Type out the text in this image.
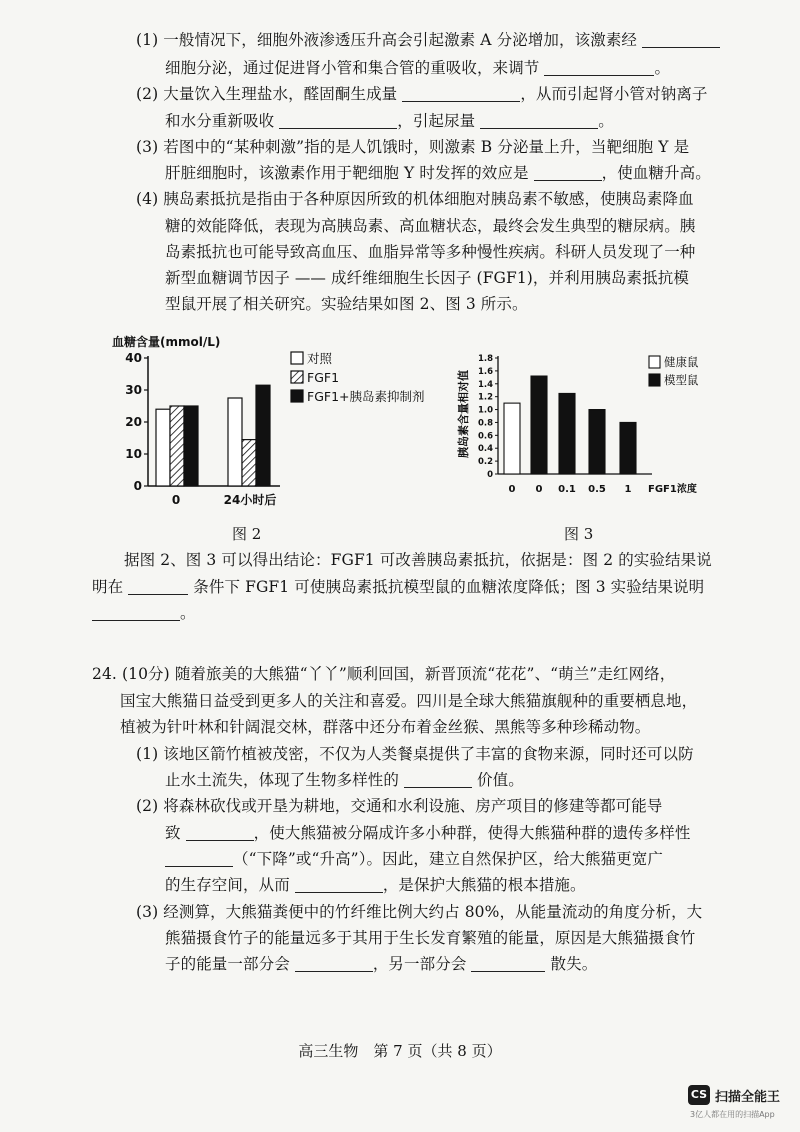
(1) 一般情况下，细胞外液渗透压升高会引起激素 A 分泌增加，该激素经
细胞分泌，通过促进肾小管和集合管的重吸收，来调节	。
(2) 大量饮入生理盐水，醛固酮生成量	，从而引起肾小管对钠离子
和水分重新吸收	，引起尿量	。
(3) 若图中的“某种刺激”指的是人饥饿时，则激素 B 分泌量上升，当靶细胞 Y 是
肝脏细胞时，该激素作用于靶细胞 Y 时发挥的效应是	，使血糖升高。
(4) 胰岛素抵抗是指由于各种原因所致的机体细胞对胰岛素不敏感，使胰岛素降血
糖的效能降低，表现为高胰岛素、高血糖状态，最终会发生典型的糖尿病。胰
岛素抵抗也可能导致高血压、血脂异常等多种慢性疾病。科研人员发现了一种
新型血糖调节因子 —— 成纤维细胞生长因子 (FGF1)，并利用胰岛素抵抗模
型鼠开展了相关研究。实验结果如图 2、图 3 所示。
据图 2、图 3 可以得出结论：FGF1 可改善胰岛素抵抗，依据是：图 2 的实验结果说
明在	条件下 FGF1 可使胰岛素抵抗模型鼠的血糖浓度降低；图 3 实验结果说明
。
24. (10分) 随着旅美的大熊猫“丫丫”顺利回国，新晋顶流“花花”、“萌兰”走红网络，
国宝大熊猫日益受到更多人的关注和喜爱。四川是全球大熊猫旗舰种的重要栖息地，
植被为针叶林和针阔混交林，群落中还分布着金丝猴、黑熊等多种珍稀动物。
(1) 该地区箭竹植被茂密，不仅为人类餐桌提供了丰富的食物来源，同时还可以防
止水土流失，体现了生物多样性的	价值。
(2) 将森林砍伐或开垦为耕地，交通和水利设施、房产项目的修建等都可能导
致	，使大熊猫被分隔成许多小种群，使得大熊猫种群的遗传多样性
（“下降”或“升高”）。因此，建立自然保护区，给大熊猫更宽广
的生存空间，从而	，是保护大熊猫的根本措施。
(3) 经测算，大熊猫粪便中的竹纤维比例大约占 80%，从能量流动的角度分析，大
熊猫摄食竹子的能量远多于其用于生长发育繁殖的能量，原因是大熊猫摄食竹
子的能量一部分会	，另一部分会	散失。
血糖含量(mmol/L)
0
10
20
30
40
0	24小时后
对照
FGF1
FGF1+胰岛素抑制剂
图 2
胰岛素含量相对值
0
0.2
0.4
0.6
0.8
1.0
1.2
1.4
1.6
1.8
0 0 0.1 0.5 1 FGF1浓度
健康鼠
模型鼠
图 3
高三生物　第 7 页（共 8 页）
CS 扫描全能王
3亿人都在用的扫描App
